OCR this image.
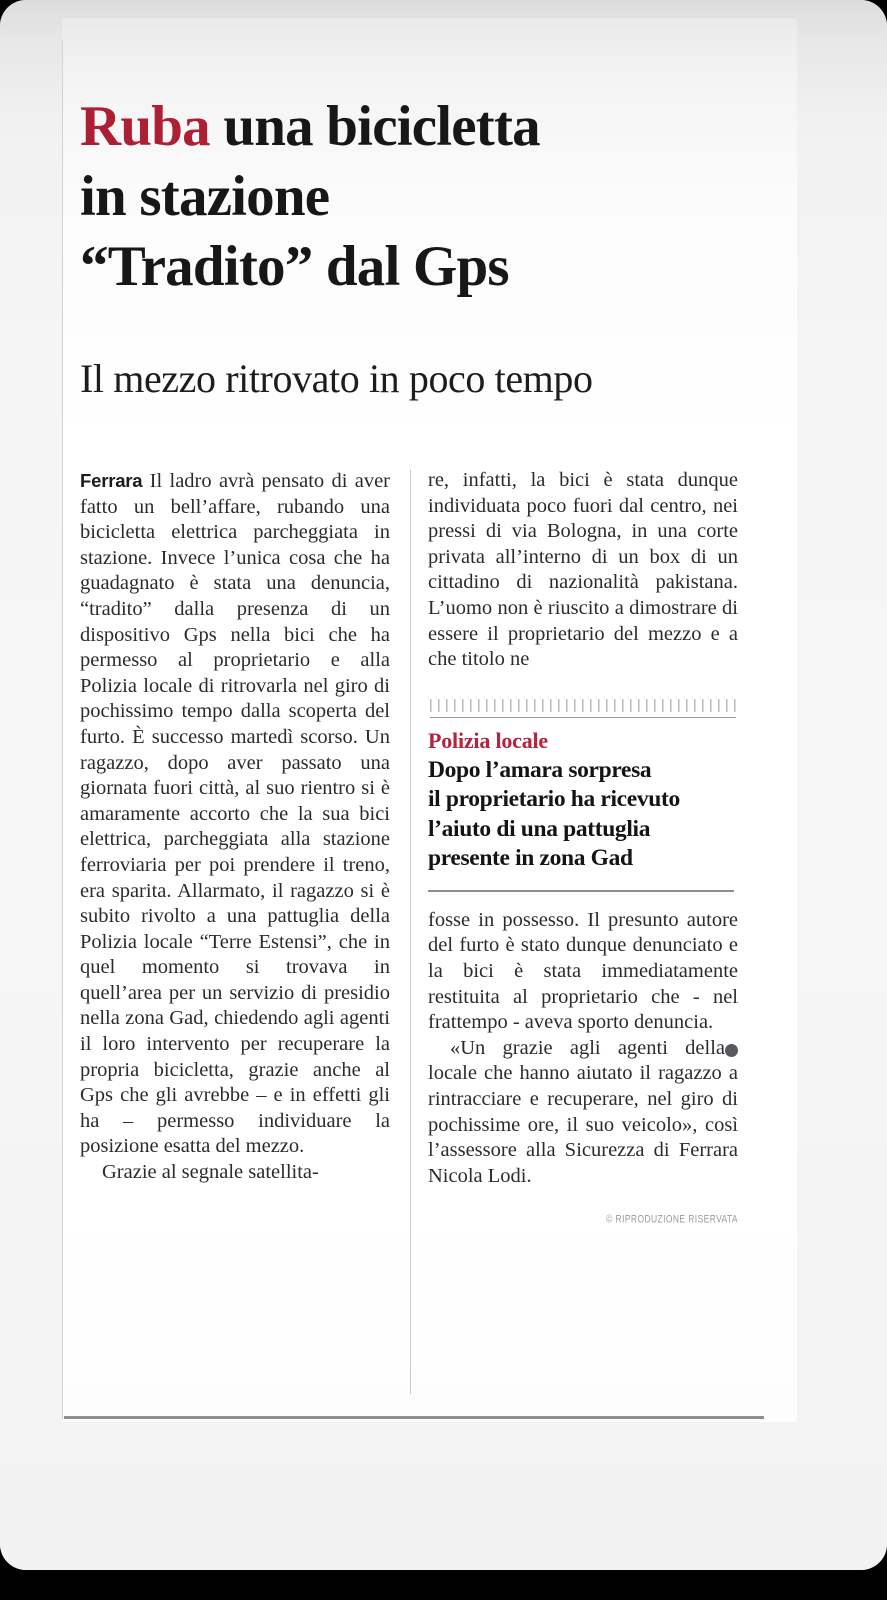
Ruba una bicicletta
in stazione
“Tradito” dal Gps
Il mezzo ritrovato in poco tempo

Ferrara Il ladro avrà pensato di aver fatto un bell’affare, rubando una bicicletta elettrica parcheggiata in stazione. Invece l’unica cosa che ha guadagnato è stata una denuncia, “tradito” dalla presenza di un dispositivo Gps nella bici che ha permesso al proprietario e alla Polizia locale di ritrovarla nel giro di pochissimo tempo dalla scoperta del furto. È successo martedì scorso. Un ragazzo, dopo aver passato una giornata fuori città, al suo rientro si è amaramente accorto che la sua bici elettrica, parcheggiata alla stazione ferroviaria per poi prendere il treno, era sparita. Allarmato, il ragazzo si è subito rivolto a una pattuglia della Polizia locale “Terre Estensi”, che in quel momento si trovava in quell’area per un servizio di presidio nella zona Gad, chiedendo agli agenti il loro intervento per recuperare la propria bicicletta, grazie anche al Gps che gli avrebbe – e in effetti gli ha – permesso individuare la posizione esatta del mezzo.

Grazie al segnale satellita-

re, infatti, la bici è stata dunque individuata poco fuori dal centro, nei pressi di via Bologna, in una corte privata all’interno di un box di un cittadino di nazionalità pakistana. L’uomo non è riuscito a dimostrare di essere il proprietario del mezzo e a che titolo ne

Polizia locale

Dopo l’amara sorpresa
il proprietario ha ricevuto
l’aiuto di una pattuglia
presente in zona Gad

fosse in possesso. Il presunto autore del furto è stato dunque denunciato e la bici è stata immediatamente restituita al proprietario che - nel frattempo - aveva sporto denuncia.

«Un grazie agli agenti della locale che hanno aiutato il ragazzo a rintracciare e recuperare, nel giro di pochissime ore, il suo veicolo», così l’assessore alla Sicurezza di Ferrara Nicola Lodi.

© RIPRODUZIONE RISERVATA
